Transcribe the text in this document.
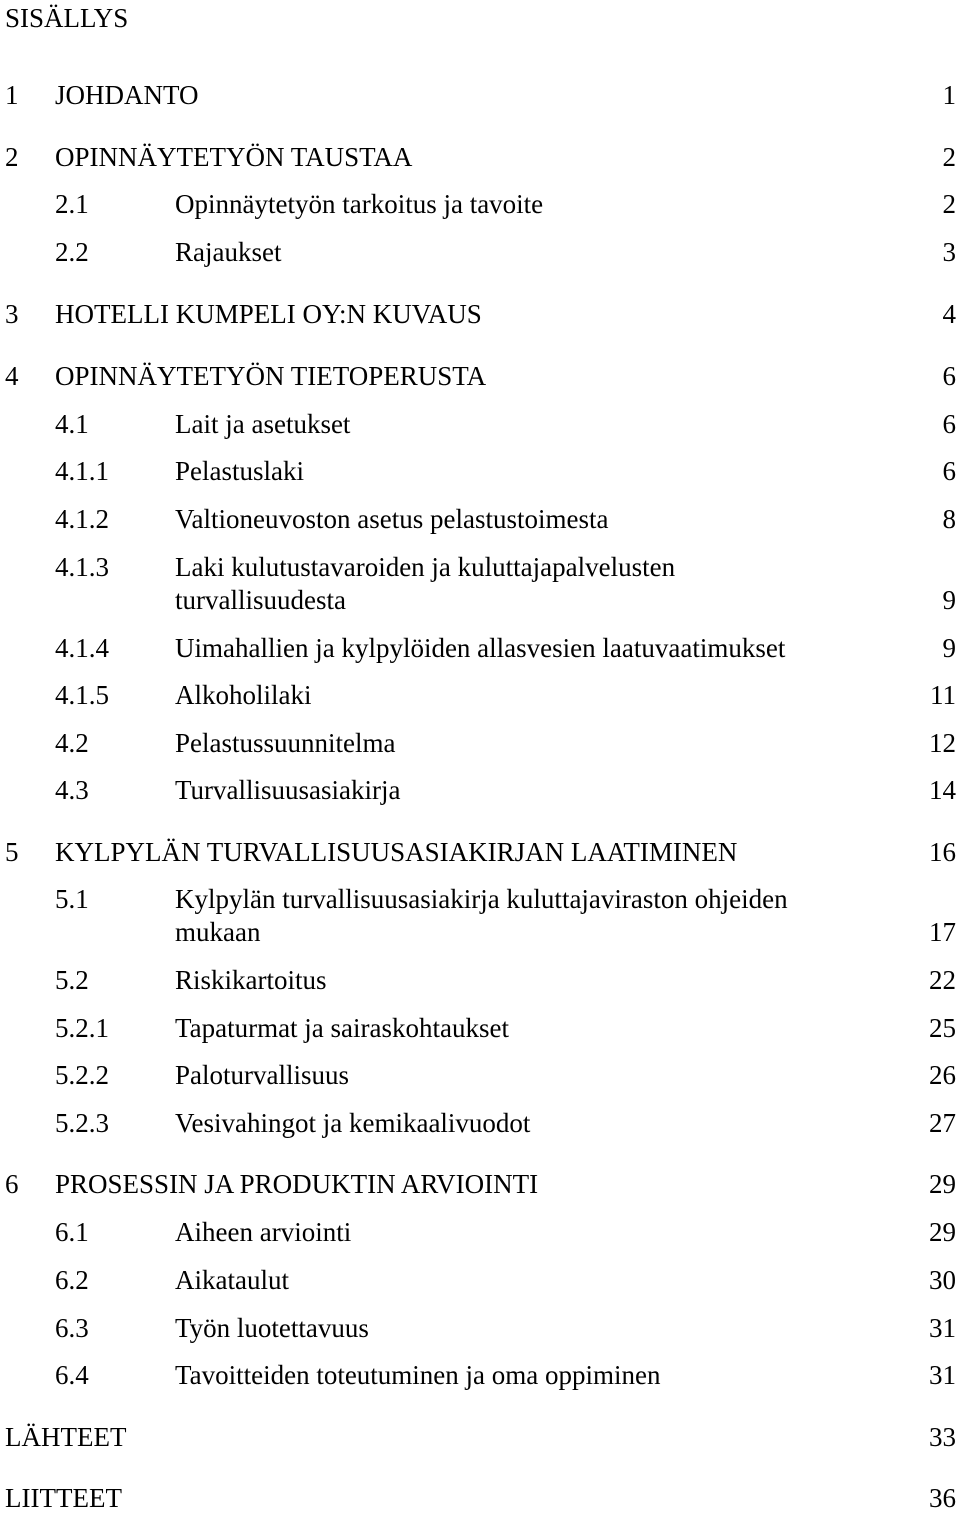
SISÄLLYS
1 JOHDANTO	1
2 OPINNÄYTETYÖN TAUSTAA	2
2.1	Opinnäytetyön tarkoitus ja tavoite	2
2.2	Rajaukset	3
3 HOTELLI KUMPELI OY:N KUVAUS	4
4 OPINNÄYTETYÖN TIETOPERUSTA	6
4.1	Lait ja asetukset	6
4.1.1 Pelastuslaki	6
4.1.2 Valtioneuvoston asetus pelastustoimesta	8
4.1.3 Laki kulutustavaroiden ja kuluttajapalvelusten turvallisuudesta	9
4.1.4 Uimahallien ja kylpylöiden allasvesien laatuvaatimukset	9
4.1.5 Alkoholilaki	11
4.2	Pelastussuunnitelma	12
4.3	Turvallisuusasiakirja	14
5 KYLPYLÄN TURVALLISUUSASIAKIRJAN LAATIMINEN	16
5.1	Kylpylän turvallisuusasiakirja kuluttajaviraston ohjeiden mukaan	17
5.2	Riskikartoitus	22
5.2.1 Tapaturmat ja sairaskohtaukset	25
5.2.2 Paloturvallisuus	26
5.2.3 Vesivahingot ja kemikaalivuodot	27
6 PROSESSIN JA PRODUKTIN ARVIOINTI	29
6.1	Aiheen arviointi	29
6.2	Aikataulut	30
6.3	Työn luotettavuus	31
6.4	Tavoitteiden toteutuminen ja oma oppiminen	31
LÄHTEET	33
LIITTEET	36
